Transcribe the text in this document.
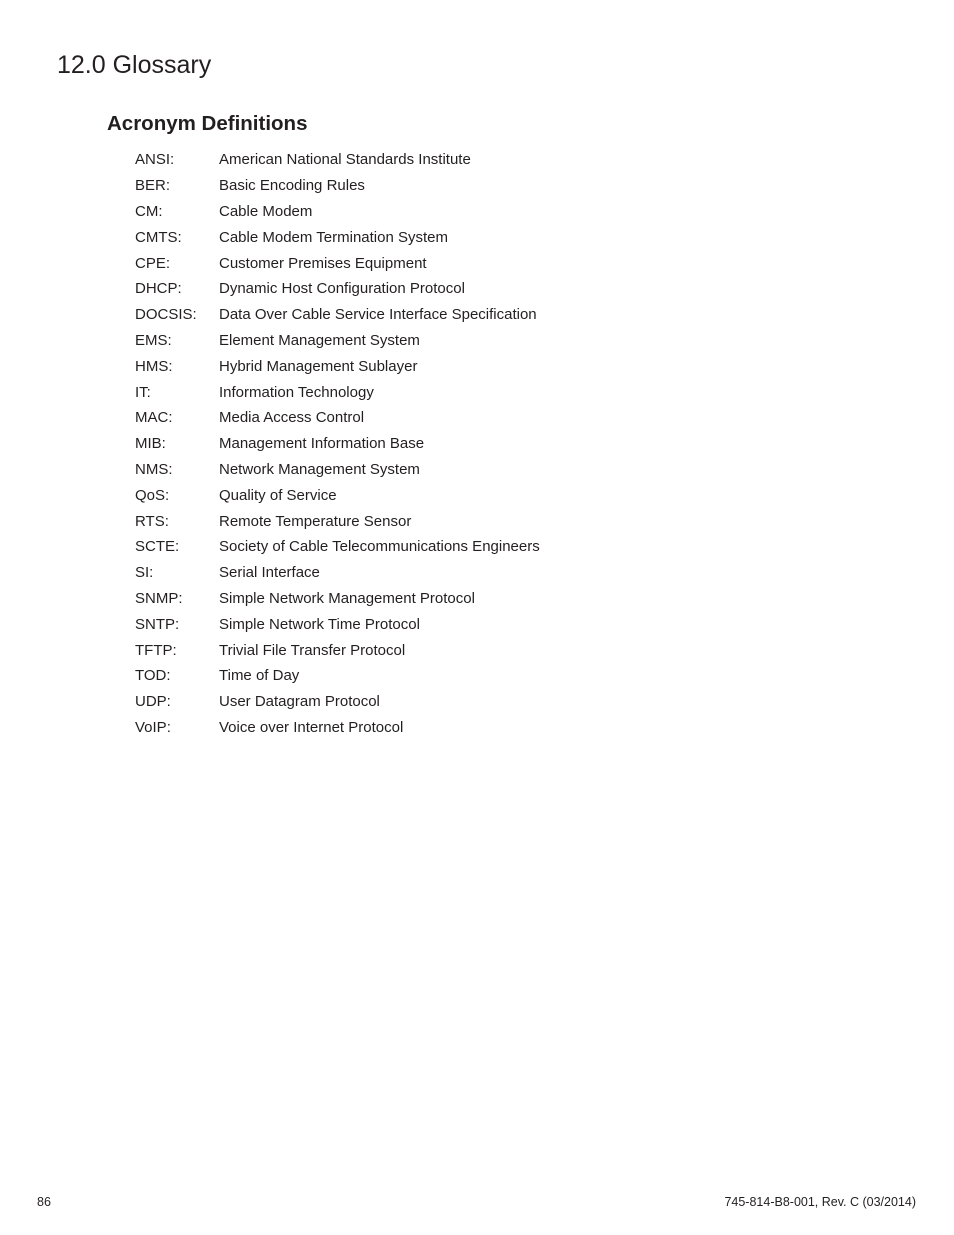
12.0 Glossary
Acronym Definitions
ANSI:	American National Standards Institute
BER:	Basic Encoding Rules
CM:	Cable Modem
CMTS:	Cable Modem Termination System
CPE:	Customer Premises Equipment
DHCP:	Dynamic Host Configuration Protocol
DOCSIS:	Data Over Cable Service Interface Specification
EMS:	Element Management System
HMS:	Hybrid Management Sublayer
IT:	Information Technology
MAC:	Media Access Control
MIB:	Management Information Base
NMS:	Network Management System
QoS:	Quality of Service
RTS:	Remote Temperature Sensor
SCTE:	Society of Cable Telecommunications Engineers
SI:	Serial Interface
SNMP:	Simple Network Management Protocol
SNTP:	Simple Network Time Protocol
TFTP:	Trivial File Transfer Protocol
TOD:	Time of Day
UDP:	User Datagram Protocol
VoIP:	Voice over Internet Protocol
86	745-814-B8-001, Rev. C (03/2014)
